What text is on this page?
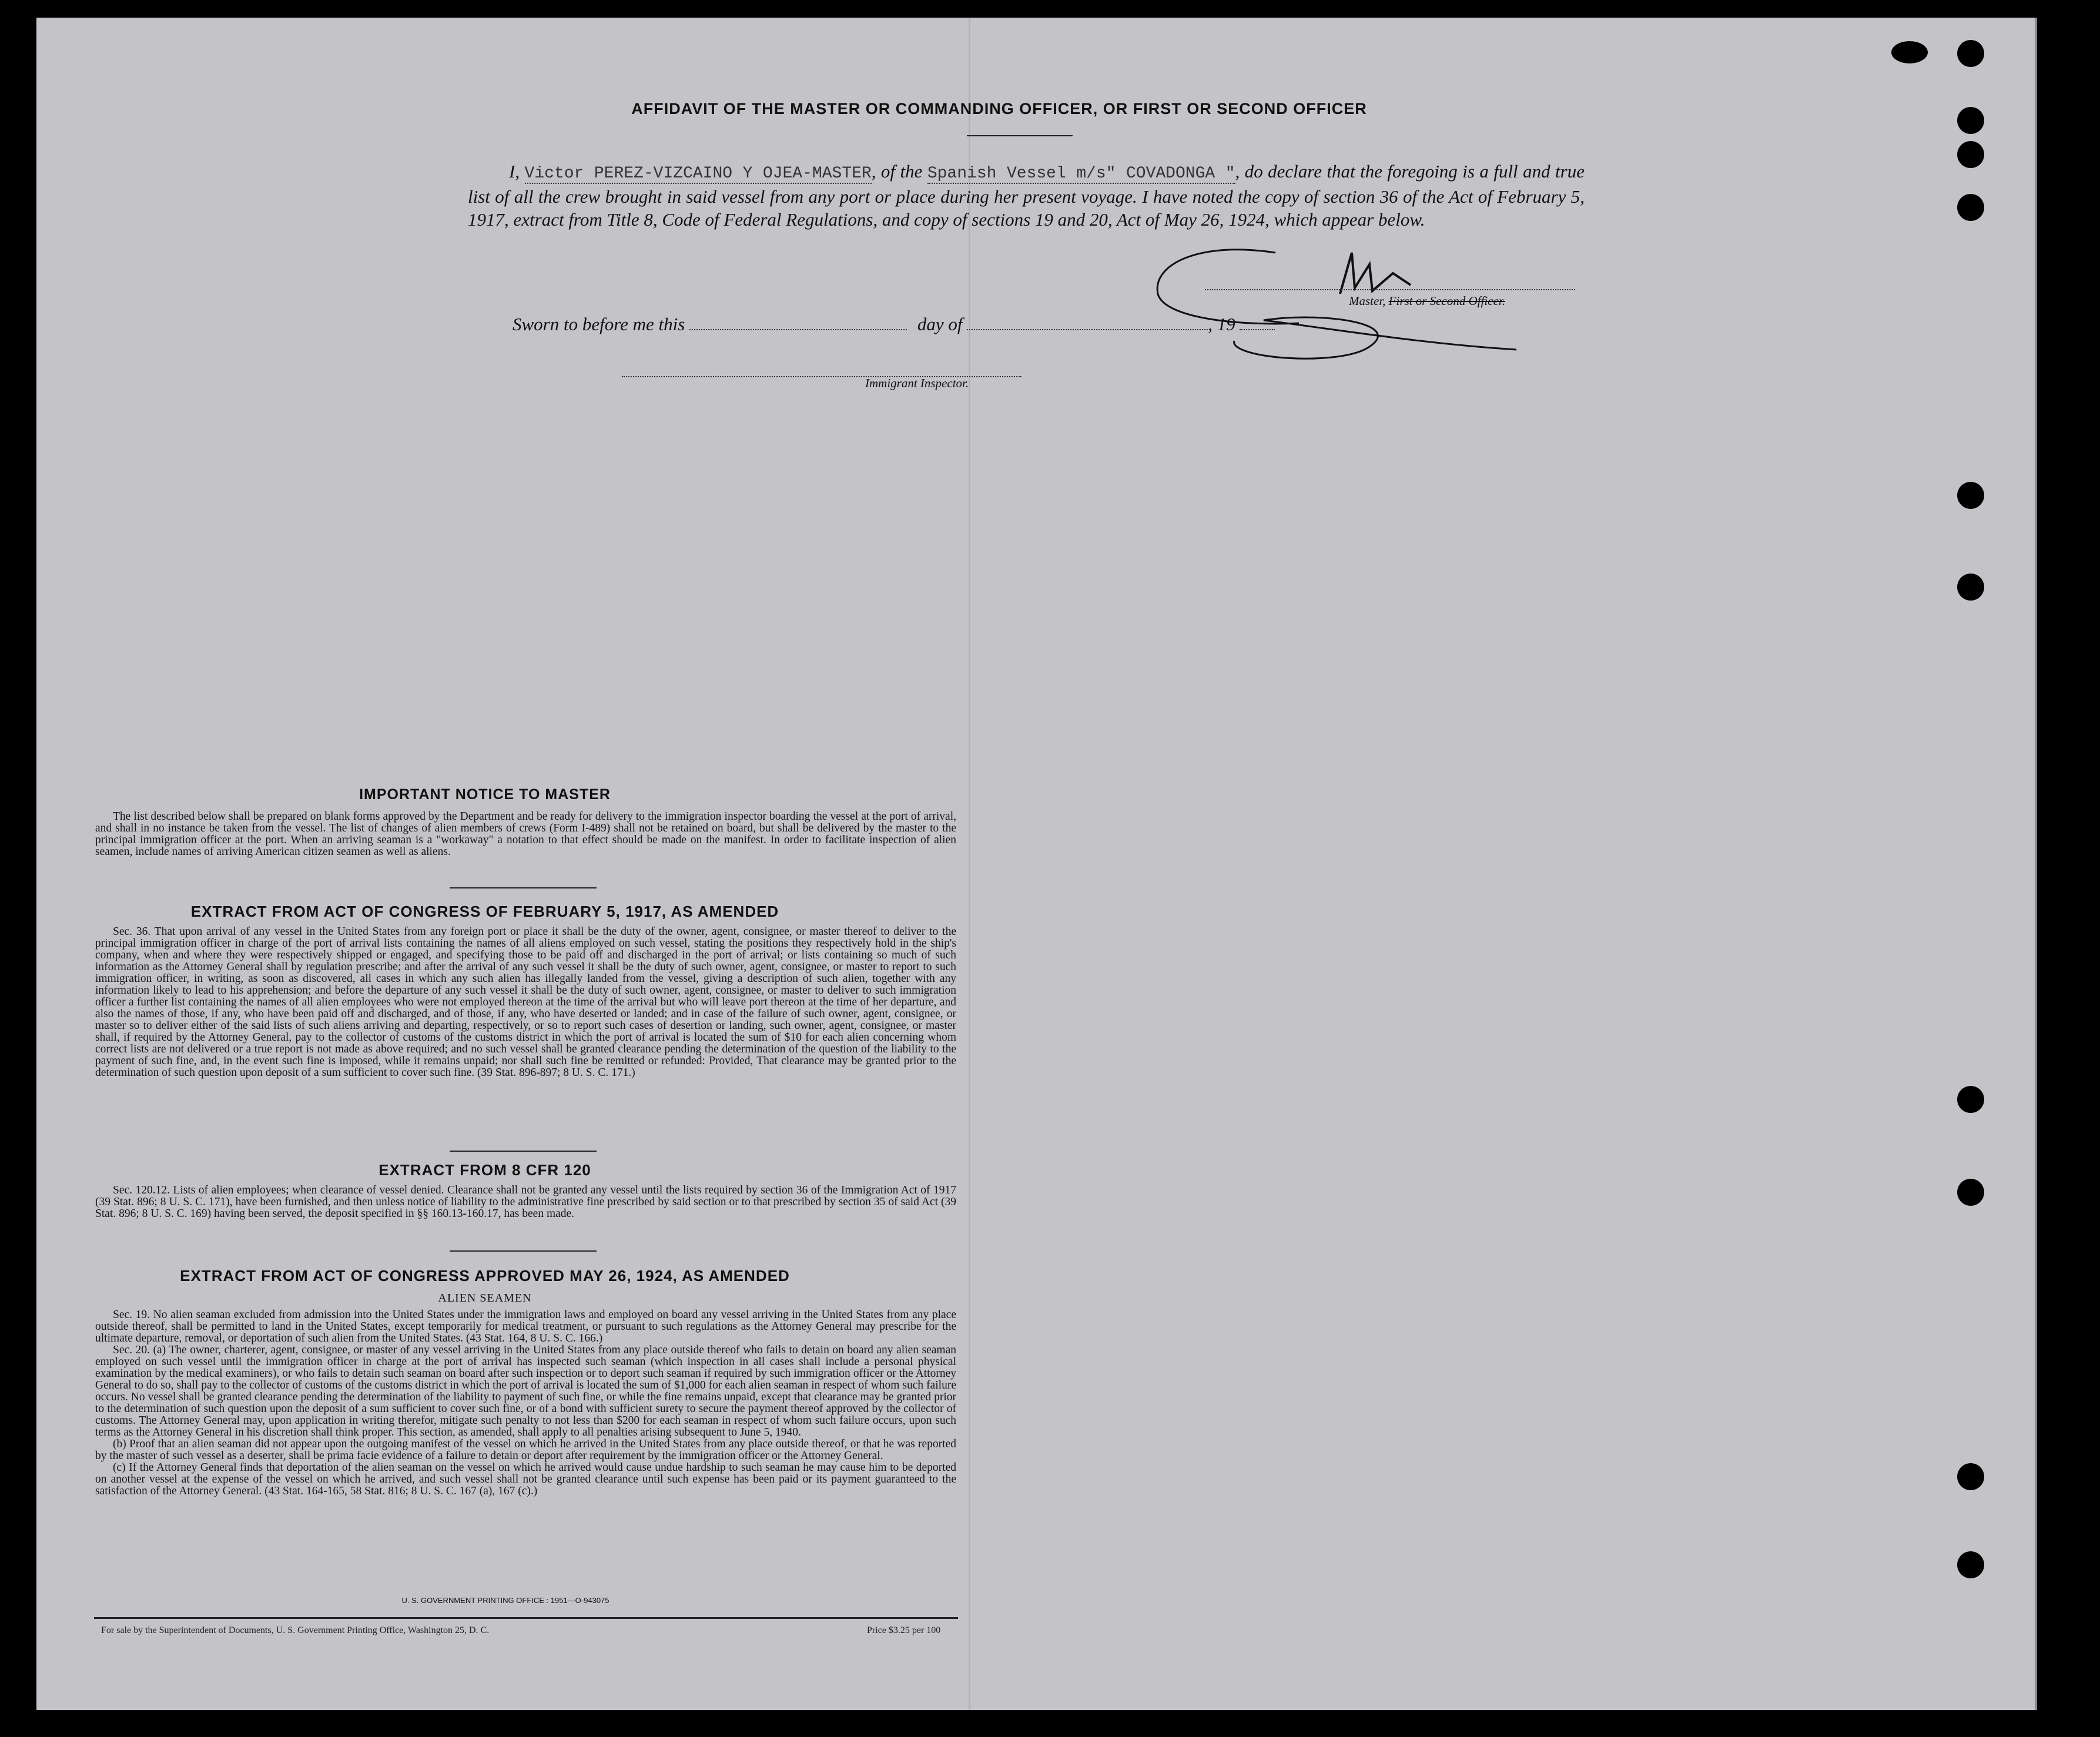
AFFIDAVIT OF THE MASTER OR COMMANDING OFFICER, OR FIRST OR SECOND OFFICER
I, Victor PEREZ-VIZCAINO Y OJEA-MASTER, of the Spanish Vessel m/s" COVADONGA ", do declare that the foregoing is a full and true list of all the crew brought in said vessel from any port or place during her present voyage. I have noted the copy of section 36 of the Act of February 5, 1917, extract from Title 8, Code of Federal Regulations, and copy of sections 19 and 20, Act of May 26, 1924, which appear below.
Master, First or Second Officer.
Sworn to before me this	day of	, 19
Immigrant Inspector.
IMPORTANT NOTICE TO MASTER

The list described below shall be prepared on blank forms approved by the Department and be ready for delivery to the immigration inspector boarding the vessel at the port of arrival, and shall in no instance be taken from the vessel. The list of changes of alien members of crews (Form I-489) shall not be retained on board, but shall be delivered by the master to the principal immigration officer at the port. When an arriving seaman is a "workaway" a notation to that effect should be made on the manifest. In order to facilitate inspection of alien seamen, include names of arriving American citizen seamen as well as aliens.

EXTRACT FROM ACT OF CONGRESS OF FEBRUARY 5, 1917, AS AMENDED

Sec. 36. That upon arrival of any vessel in the United States from any foreign port or place it shall be the duty of the owner, agent, consignee, or master thereof to deliver to the principal immigration officer in charge of the port of arrival lists containing the names of all aliens employed on such vessel, stating the positions they respectively hold in the ship's company, when and where they were respectively shipped or engaged, and specifying those to be paid off and discharged in the port of arrival; or lists containing so much of such information as the Attorney General shall by regulation prescribe; and after the arrival of any such vessel it shall be the duty of such owner, agent, consignee, or master to report to such immigration officer, in writing, as soon as discovered, all cases in which any such alien has illegally landed from the vessel, giving a description of such alien, together with any information likely to lead to his apprehension; and before the departure of any such vessel it shall be the duty of such owner, agent, consignee, or master to deliver to such immigration officer a further list containing the names of all alien employees who were not employed thereon at the time of the arrival but who will leave port thereon at the time of her departure, and also the names of those, if any, who have been paid off and discharged, and of those, if any, who have deserted or landed; and in case of the failure of such owner, agent, consignee, or master so to deliver either of the said lists of such aliens arriving and departing, respectively, or so to report such cases of desertion or landing, such owner, agent, consignee, or master shall, if required by the Attorney General, pay to the collector of customs of the customs district in which the port of arrival is located the sum of $10 for each alien concerning whom correct lists are not delivered or a true report is not made as above required; and no such vessel shall be granted clearance pending the determination of the question of the liability to the payment of such fine, and, in the event such fine is imposed, while it remains unpaid; nor shall such fine be remitted or refunded: Provided, That clearance may be granted prior to the determination of such question upon deposit of a sum sufficient to cover such fine. (39 Stat. 896-897; 8 U. S. C. 171.)

EXTRACT FROM 8 CFR 120

Sec. 120.12. Lists of alien employees; when clearance of vessel denied. Clearance shall not be granted any vessel until the lists required by section 36 of the Immigration Act of 1917 (39 Stat. 896; 8 U. S. C. 171), have been furnished, and then unless notice of liability to the administrative fine prescribed by said section or to that prescribed by section 35 of said Act (39 Stat. 896; 8 U. S. C. 169) having been served, the deposit specified in §§ 160.13-160.17, has been made.

EXTRACT FROM ACT OF CONGRESS APPROVED MAY 26, 1924, AS AMENDED
ALIEN SEAMEN

Sec. 19. No alien seaman excluded from admission into the United States under the immigration laws and employed on board any vessel arriving in the United States from any place outside thereof, shall be permitted to land in the United States, except temporarily for medical treatment, or pursuant to such regulations as the Attorney General may prescribe for the ultimate departure, removal, or deportation of such alien from the United States. (43 Stat. 164, 8 U. S. C. 166.)

Sec. 20. (a) The owner, charterer, agent, consignee, or master of any vessel arriving in the United States from any place outside thereof who fails to detain on board any alien seaman employed on such vessel until the immigration officer in charge at the port of arrival has inspected such seaman (which inspection in all cases shall include a personal physical examination by the medical examiners), or who fails to detain such seaman on board after such inspection or to deport such seaman if required by such immigration officer or the Attorney General to do so, shall pay to the collector of customs of the customs district in which the port of arrival is located the sum of $1,000 for each alien seaman in respect of whom such failure occurs. No vessel shall be granted clearance pending the determination of the liability to payment of such fine, or while the fine remains unpaid, except that clearance may be granted prior to the determination of such question upon the deposit of a sum sufficient to cover such fine, or of a bond with sufficient surety to secure the payment thereof approved by the collector of customs. The Attorney General may, upon application in writing therefor, mitigate such penalty to not less than $200 for each seaman in respect of whom such failure occurs, upon such terms as the Attorney General in his discretion shall think proper. This section, as amended, shall apply to all penalties arising subsequent to June 5, 1940.

(b) Proof that an alien seaman did not appear upon the outgoing manifest of the vessel on which he arrived in the United States from any place outside thereof, or that he was reported by the master of such vessel as a deserter, shall be prima facie evidence of a failure to detain or deport after requirement by the immigration officer or the Attorney General.

(c) If the Attorney General finds that deportation of the alien seaman on the vessel on which he arrived would cause undue hardship to such seaman he may cause him to be deported on another vessel at the expense of the vessel on which he arrived, and such vessel shall not be granted clearance until such expense has been paid or its payment guaranteed to the satisfaction of the Attorney General. (43 Stat. 164-165, 58 Stat. 816; 8 U. S. C. 167 (a), 167 (c).)

U. S. GOVERNMENT PRINTING OFFICE : 1951—O-943075
For sale by the Superintendent of Documents, U. S. Government Printing Office, Washington 25, D. C.	Price $3.25 per 100
